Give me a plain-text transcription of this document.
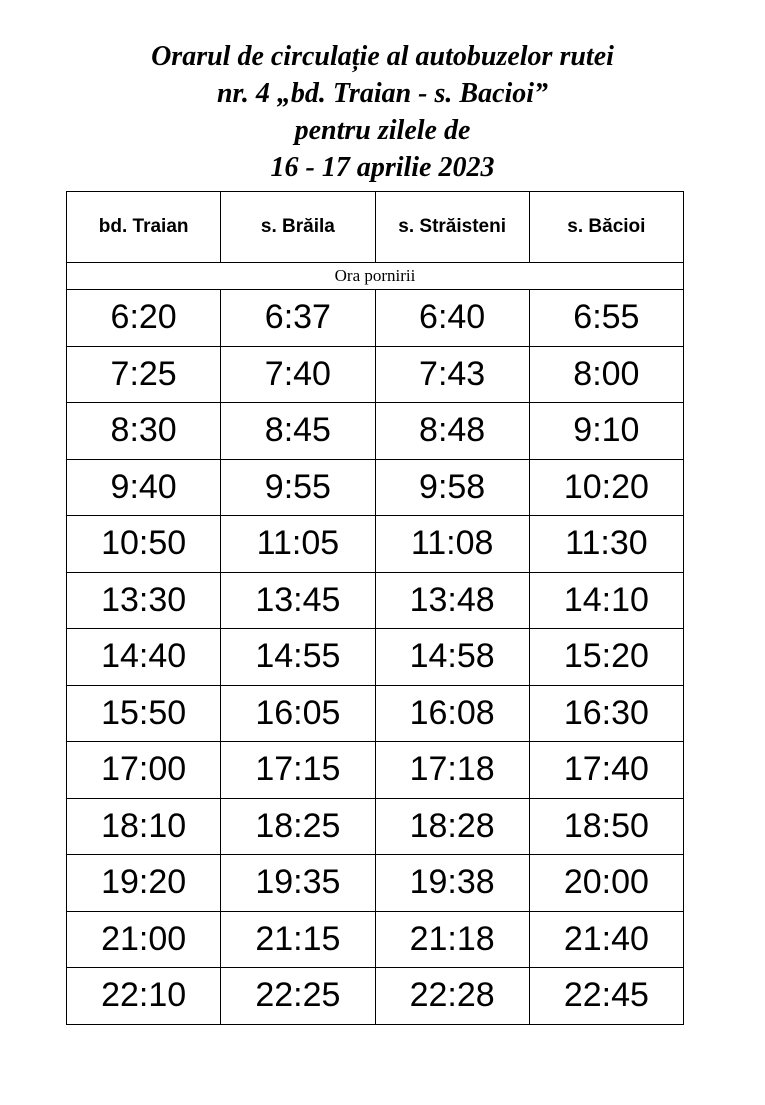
Orarul de circulație al autobuzelor rutei
nr. 4 „bd. Traian - s. Bacioi”
pentru zilele de
16 - 17 aprilie 2023
bd. Traian	s. Brăila	s. Străisteni	s. Băcioi
Ora pornirii			
6:20	6:37	6:40	6:55
7:25	7:40	7:43	8:00
8:30	8:45	8:48	9:10
9:40	9:55	9:58	10:20
10:50	11:05	11:08	11:30
13:30	13:45	13:48	14:10
14:40	14:55	14:58	15:20
15:50	16:05	16:08	16:30
17:00	17:15	17:18	17:40
18:10	18:25	18:28	18:50
19:20	19:35	19:38	20:00
21:00	21:15	21:18	21:40
22:10	22:25	22:28	22:45
